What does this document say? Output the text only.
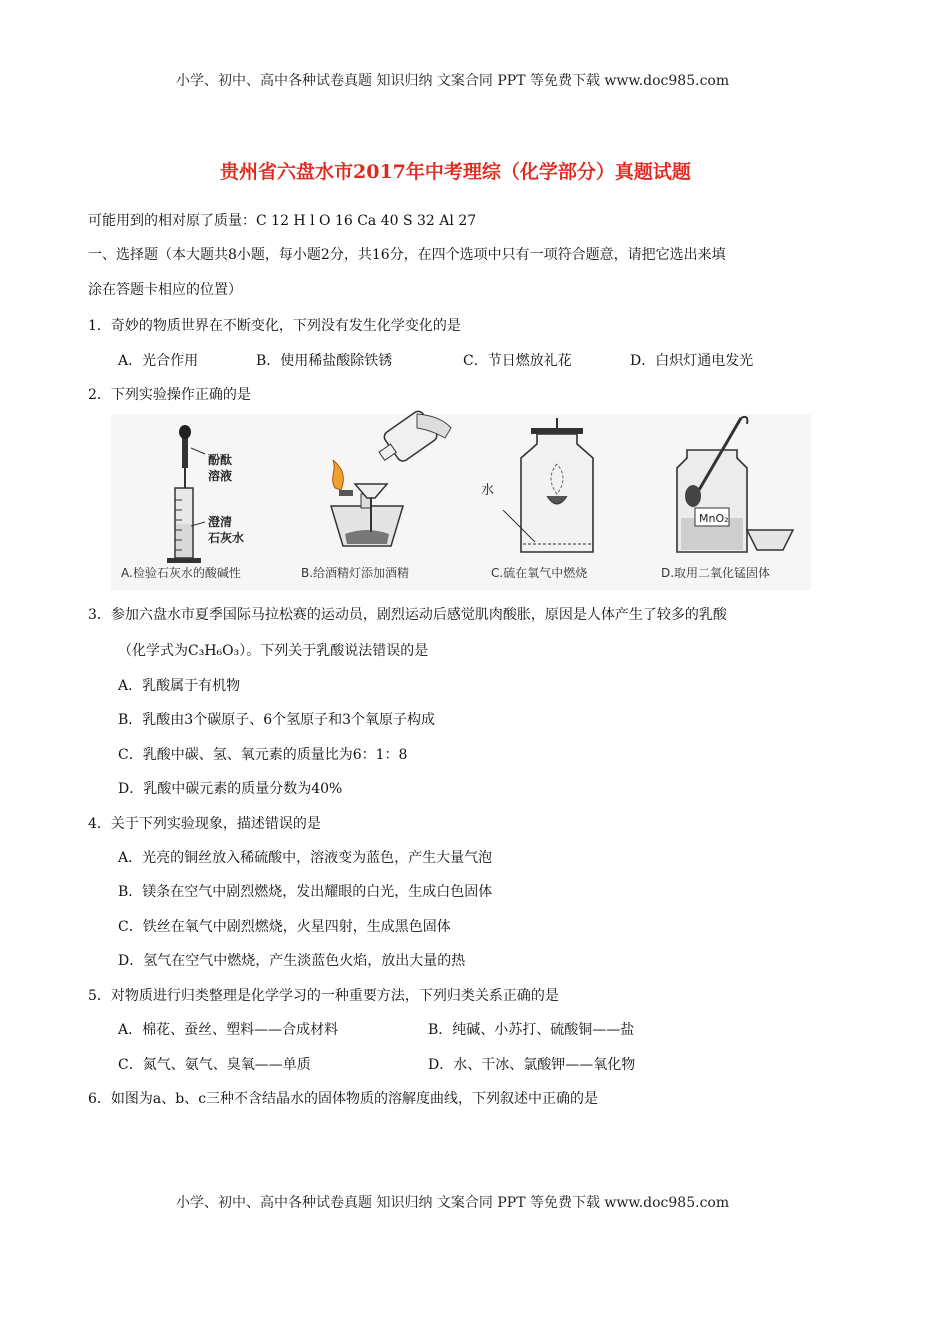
小学、初中、高中各种试卷真题 知识归纳 文案合同 PPT 等免费下载 www.doc985.com
贵州省六盘水市2017年中考理综（化学部分）真题试题
可能用到的相对原了质量：C 12 H l O 16 Ca 40 S 32 Al 27
一、选择题（本大题共8小题，每小题2分，共16分，在四个选项中只有一项符合题意，请把它选出来填
涂在答题卡相应的位置）
1．奇妙的物质世界在不断变化，下列没有发生化学变化的是
A．光合作用	B．使用稀盐酸除铁锈	C．节日燃放礼花	D．白炽灯通电发光
2．下列实验操作正确的是
酚酞
溶液
澄清
石灰水
A.检验石灰水的酸碱性	B.给酒精灯添加酒精
水
C.硫在氧气中燃烧
MnO₂
D.取用二氧化锰固体
3．参加六盘水市夏季国际马拉松赛的运动员，剧烈运动后感觉肌肉酸胀，原因是人体产生了较多的乳酸
（化学式为C₃H₆O₃）。下列关于乳酸说法错误的是
A．乳酸属于有机物
B．乳酸由3个碳原子、6个氢原子和3个氧原子构成
C．乳酸中碳、氢、氧元素的质量比为6：1：8
D．乳酸中碳元素的质量分数为40%
4．关于下列实验现象，描述错误的是
A．光亮的铜丝放入稀硫酸中，溶液变为蓝色，产生大量气泡
B．镁条在空气中剧烈燃烧，发出耀眼的白光，生成白色固体
C．铁丝在氧气中剧烈燃烧，火星四射，生成黑色固体
D．氢气在空气中燃烧，产生淡蓝色火焰，放出大量的热
5．对物质进行归类整理是化学学习的一种重要方法，下列归类关系正确的是
A．棉花、蚕丝、塑料——合成材料	B．纯碱、小苏打、硫酸铜——盐
C．氮气、氨气、臭氧——单质	D．水、干冰、氯酸钾——氧化物
6．如图为a、b、c三种不含结晶水的固体物质的溶解度曲线，下列叙述中正确的是
小学、初中、高中各种试卷真题 知识归纳 文案合同 PPT 等免费下载 www.doc985.com
